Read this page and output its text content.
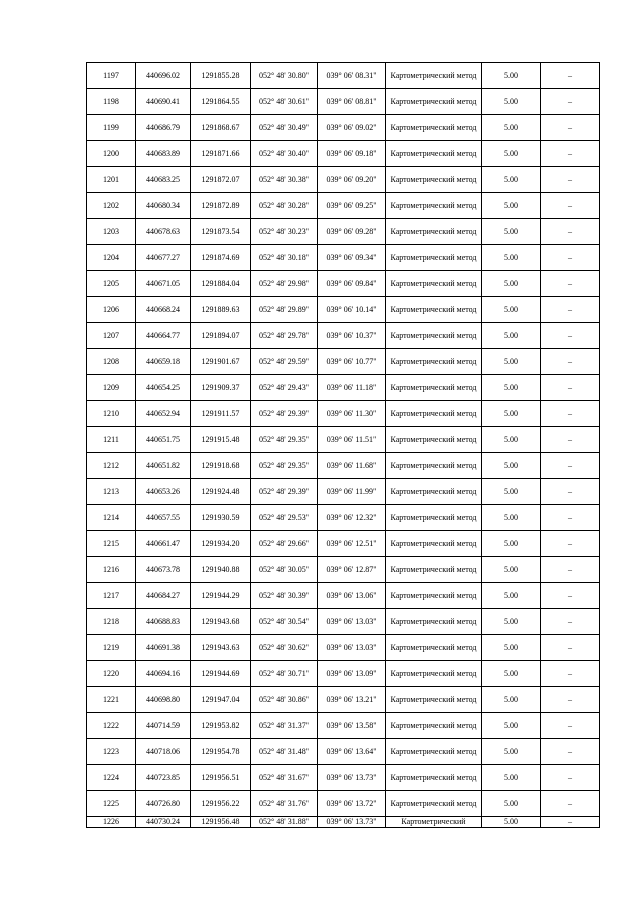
1197	440696.02	1291855.28	052° 48' 30.80"	039° 06' 08.31"	Картометрический метод	5.00	–
1198	440690.41	1291864.55	052° 48' 30.61"	039° 06' 08.81"	Картометрический метод	5.00	–
1199	440686.79	1291868.67	052° 48' 30.49"	039° 06' 09.02"	Картометрический метод	5.00	–
1200	440683.89	1291871.66	052° 48' 30.40"	039° 06' 09.18"	Картометрический метод	5.00	–
1201	440683.25	1291872.07	052° 48' 30.38"	039° 06' 09.20"	Картометрический метод	5.00	–
1202	440680.34	1291872.89	052° 48' 30.28"	039° 06' 09.25"	Картометрический метод	5.00	–
1203	440678.63	1291873.54	052° 48' 30.23"	039° 06' 09.28"	Картометрический метод	5.00	–
1204	440677.27	1291874.69	052° 48' 30.18"	039° 06' 09.34"	Картометрический метод	5.00	–
1205	440671.05	1291884.04	052° 48' 29.98"	039° 06' 09.84"	Картометрический метод	5.00	–
1206	440668.24	1291889.63	052° 48' 29.89"	039° 06' 10.14"	Картометрический метод	5.00	–
1207	440664.77	1291894.07	052° 48' 29.78"	039° 06' 10.37"	Картометрический метод	5.00	–
1208	440659.18	1291901.67	052° 48' 29.59"	039° 06' 10.77"	Картометрический метод	5.00	–
1209	440654.25	1291909.37	052° 48' 29.43"	039° 06' 11.18"	Картометрический метод	5.00	–
1210	440652.94	1291911.57	052° 48' 29.39"	039° 06' 11.30"	Картометрический метод	5.00	–
1211	440651.75	1291915.48	052° 48' 29.35"	039° 06' 11.51"	Картометрический метод	5.00	–
1212	440651.82	1291918.68	052° 48' 29.35"	039° 06' 11.68"	Картометрический метод	5.00	–
1213	440653.26	1291924.48	052° 48' 29.39"	039° 06' 11.99"	Картометрический метод	5.00	–
1214	440657.55	1291930.59	052° 48' 29.53"	039° 06' 12.32"	Картометрический метод	5.00	–
1215	440661.47	1291934.20	052° 48' 29.66"	039° 06' 12.51"	Картометрический метод	5.00	–
1216	440673.78	1291940.88	052° 48' 30.05"	039° 06' 12.87"	Картометрический метод	5.00	–
1217	440684.27	1291944.29	052° 48' 30.39"	039° 06' 13.06"	Картометрический метод	5.00	–
1218	440688.83	1291943.68	052° 48' 30.54"	039° 06' 13.03"	Картометрический метод	5.00	–
1219	440691.38	1291943.63	052° 48' 30.62"	039° 06' 13.03"	Картометрический метод	5.00	–
1220	440694.16	1291944.69	052° 48' 30.71"	039° 06' 13.09"	Картометрический метод	5.00	–
1221	440698.80	1291947.04	052° 48' 30.86"	039° 06' 13.21"	Картометрический метод	5.00	–
1222	440714.59	1291953.82	052° 48' 31.37"	039° 06' 13.58"	Картометрический метод	5.00	–
1223	440718.06	1291954.78	052° 48' 31.48"	039° 06' 13.64"	Картометрический метод	5.00	–
1224	440723.85	1291956.51	052° 48' 31.67"	039° 06' 13.73"	Картометрический метод	5.00	–
1225	440726.80	1291956.22	052° 48' 31.76"	039° 06' 13.72"	Картометрический метод	5.00	–
1226	440730.24	1291956.48	052° 48' 31.88"	039° 06' 13.73"	Картометрический	5.00	–
